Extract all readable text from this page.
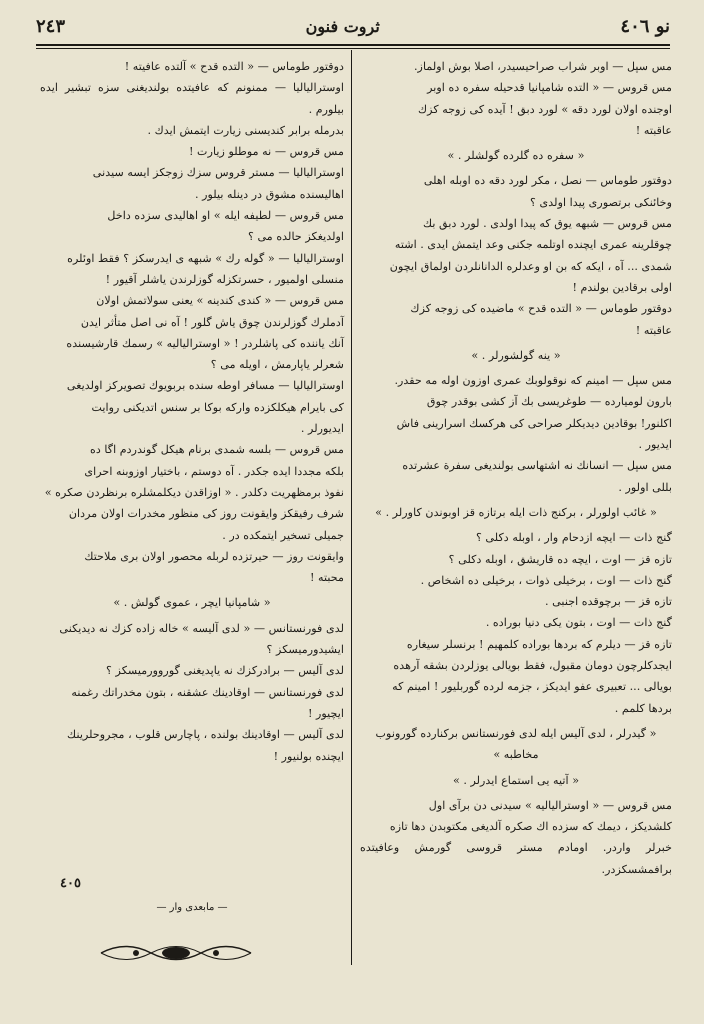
نو ٤٠٦
ثروت فنون
٢٤٣

مس سپل — اوبر شراب صراحيسيدر، اصلا بوش اولماز.

مس قروس — « التده شامپانيا قدحيله سفره ده اوبر

اوجنده اولان لورد دقه » لورد دبق ! آيده كى زوجه كزك

عاقبته !

« سفره ده گلرده گولشلر . »

دوقتور طوماس — نصل ، مكر لورد دقه ده اوبله اهلى

وخائنكى برتصورى پيدا اولدى ؟

مس قروس — شبهه يوق كه پيدا اولدى . لورد دبق بك

چوقلرينه عمرى ايچنده اوتلمه جكنى وعد ايتمش ايدى . اشته

شمدى ... آه ، ايكه كه بن او وعدلره الدانانلردن اولماق ايچون

اولى برقادين بولندم !

دوقتور طوماس — « التده قدح » ماضيده كى زوجه كزك

عاقبته !

« ينه گولشورلر . »

مس سپل — امينم كه نوقولوبك عمرى اوزون اوله مه حقدر.

بارون لوميارده — طوغريسى بك آز كشى بوقدر چوق

اكلنور! بوقادين ديديكلر صراحى كى هركسك اسرارينى فاش

ايديور .

مس سپل — انسانك نه اشتهاسى بولنديغى سفرة عشرتده

بللى اولور .

« غائب اولورلر ، بركنج ذات ايله برتازه قز اوبوندن كاورلر . »

گنج ذات — ايچه ازدحام وار ، اوبله دكلى ؟

تازه قز — اوت ، ايچه ده قاريشق ، اوبله دكلى ؟

گنج ذات — اوت ، برخيلى ذوات ، برخيلى ده اشخاص .

تازه قز — برچوقده اجنبى .

گنج ذات — اوت ، بتون يكى دنيا بوراده .

تازه قز — ديلرم كه بردها بوراده كلمهيم ! برنسلر سيغاره

ايجدكلرچون دومان مقبول، فقط بويالى يوزلردن بشقه آرهده

بويالى ... تعبيرى عفو ايديكز ، جزمه لرده گوربليور ! امينم كه

بردها كلمم .

« گيدرلر ، لدى آليس ايله لدى فورنستانس بركنارده گورونوب مخاطبه »

« آتيه يى استماع ايدرلر . »

مس قروس — « اوسترالياليه » سيدنى دن برآى اول

كلشديكز ، ديمك كه سزده اك صكره آلديغى مكتوبدن دها تازه

خبرلر واردر. اومادم مستر قروسى گورمش وعافيتده برافمشسكزدر.

دوقتور طوماس — « التده قدح » آلتده عافيته !

اوسترالياليا — ممنونم كه عافيتده بولنديغنى سزه تبشير ايده بيلورم .

بدرمله برابر كنديسنى زيارت ايتمش ايدك .

مس قروس — نه موطلو زيارت !

اوسترالياليا — مستر قروس سزك زوجكز ايسه سيدنى

اهاليسنده مشوق در دينله بيلور .

مس قروس — لطيفه ايله » او اهاليدى سزده داخل

اولديغكز حالده مى ؟

اوسترالياليا — « گوله رك » شبهه ى ايدرسكز ؟ فقط اوئلره

منسلى اولميور ، حسرتكزله گوزلرندن ياشلر آقيور !

مس قروس — « كندى كندينه » يعنى سولاتمش اولان

آدملرك گوزلرندن چوق ياش گلور ! آه نى اصل متأثر ايدن

آنك ياننده كى پاشلردر ! « اوسترالياليه » رسمك قارشيسنده

شعرلر ياپارمش ، اويله مى ؟

اوسترالياليا — مسافر اوطه سنده بربويوك تصويركز اولديغى

كى بايرام هيكلكزده واركه بوكا بر سنس اتديكنى روايت

ايديورلر .

مس قروس — بلسه شمدى برنام هيكل گوندردم اگا ده

بلكه مجددا ايده جكدر . آه دوستم ، باختيار اوزوبنه احراى

نفوذ برمظهريت دكلدر . « اوزاقدن ديكلمشلره برنظردن صكره »

شرف رفيقكز وايقونت روز كى منظور مخدرات اولان مردان

جميلى تسخير ايتمكده در .

وايقونت روز — حيرتزده لربله محصور اولان برى ملاحتك

محبته !

« شامپانيا ايچر ، عموى گولش . »

لدى فورنستانس — « لدى آليسه » خاله زاده كزك نه ديديكنى

ايشيدورميسكز ؟

لدى آليس — برادركزك نه ياپديغنى گوروورميسكز ؟

لدى فورنستانس — اوقادينك عشقنه ، بتون مخدراتك رغمنه

ايچيور !

لدى آليس — اوقادينك بولنده ، پاچارس قلوب ، مجروحلرينك

ايچنده بولنيور !

٤٠٥
— مابعدى وار —
